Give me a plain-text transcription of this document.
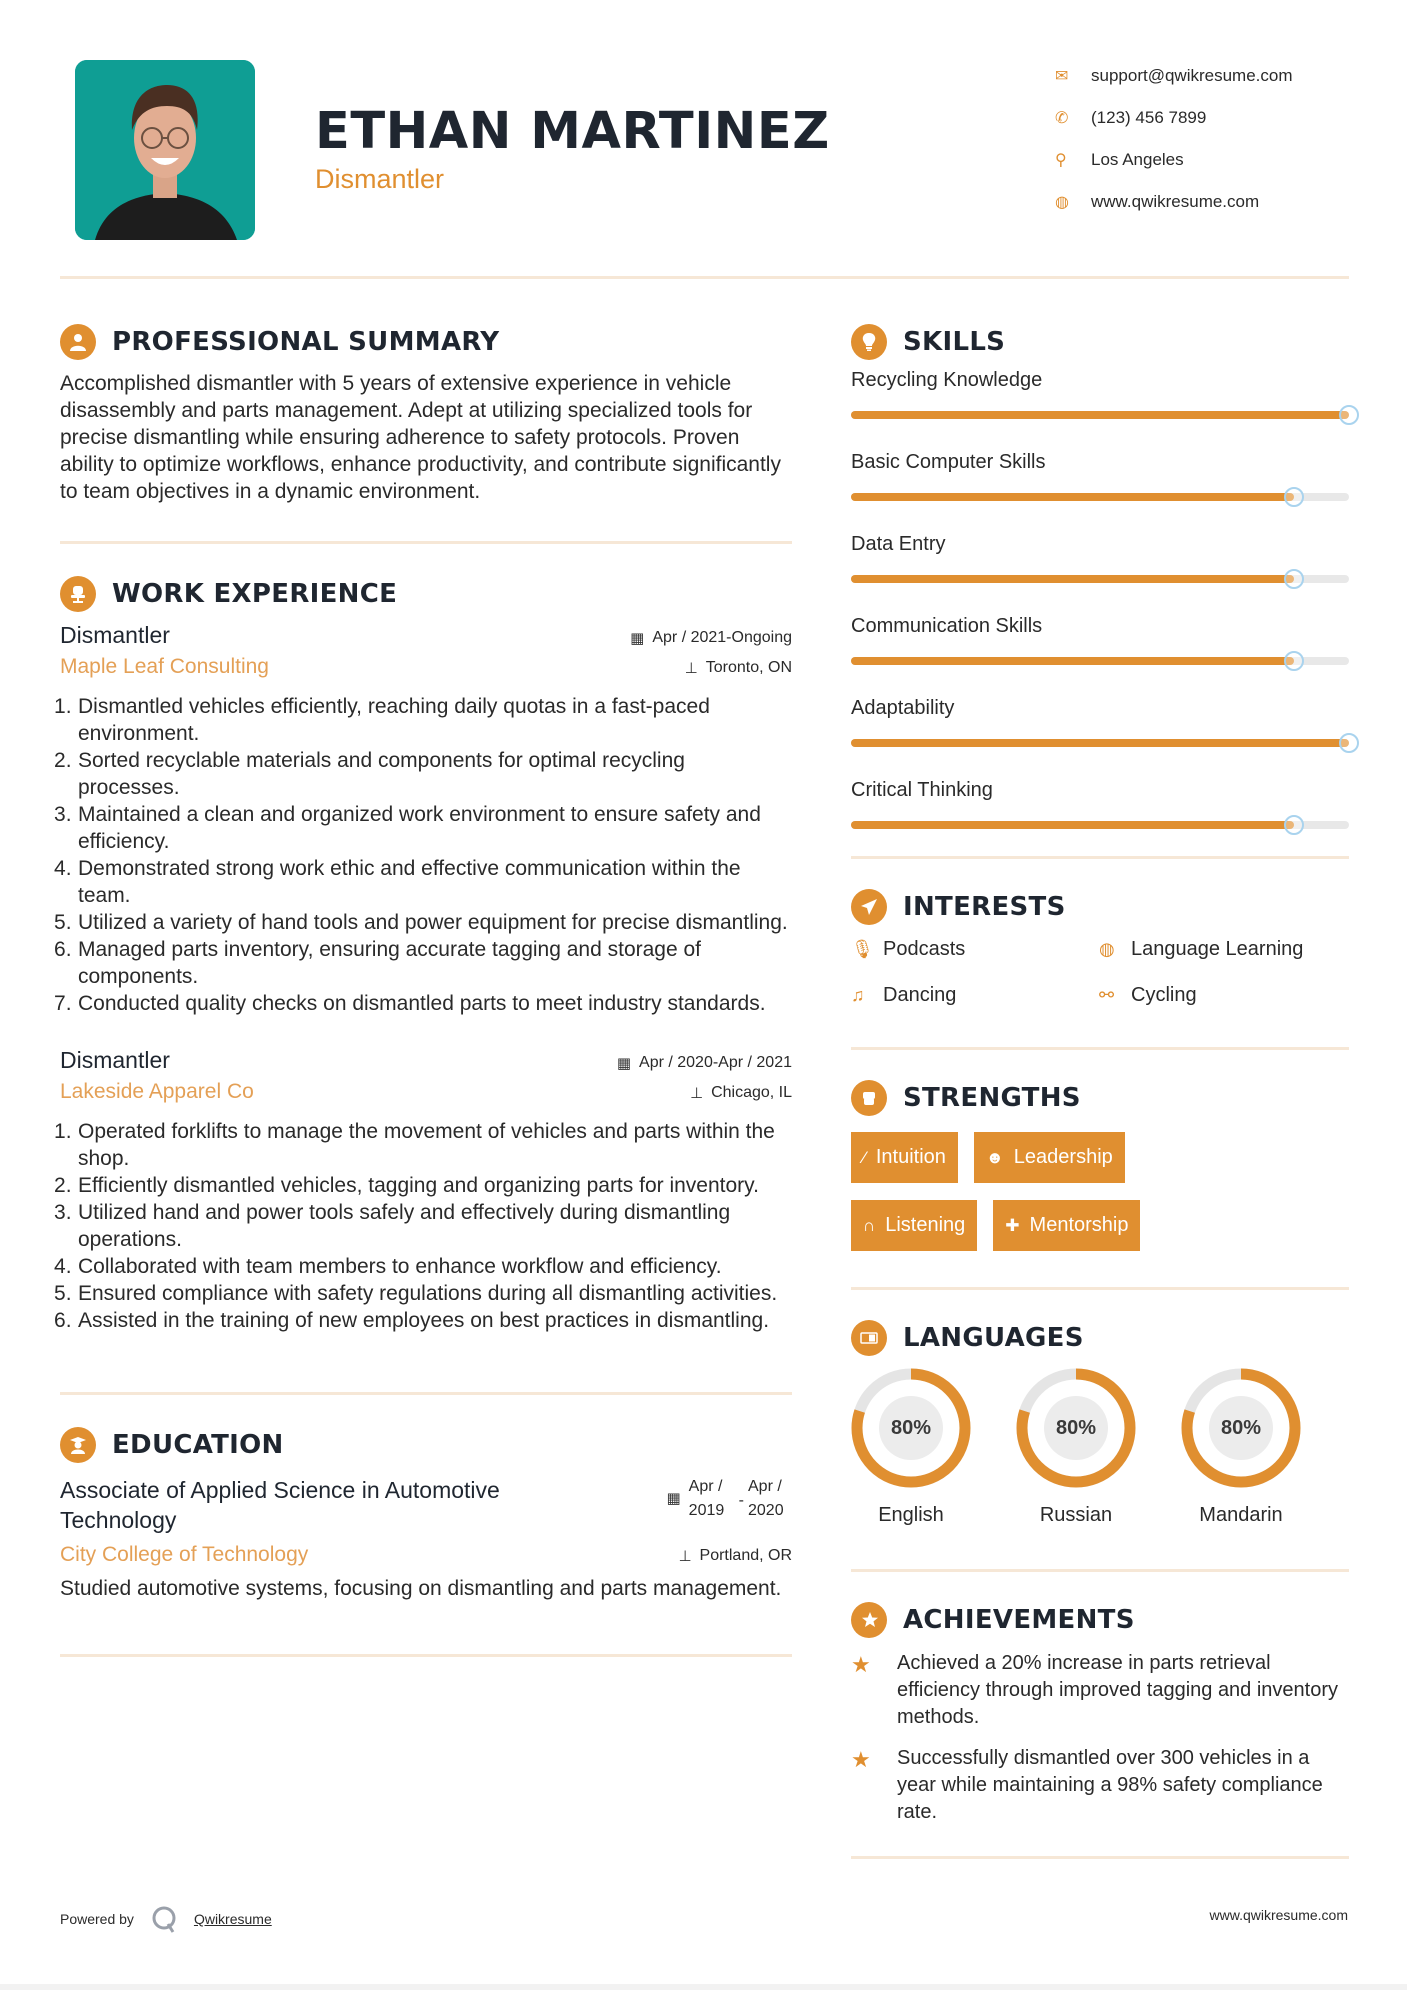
ETHAN MARTINEZ
Dismantler
✉	support@qwikresume.com
✆	(123) 456 7899
⚲	Los Angeles
◍	www.qwikresume.com
PROFESSIONAL SUMMARY

Accomplished dismantler with 5 years of extensive experience in vehicle disassembly and parts management. Adept at utilizing specialized tools for precise dismantling while ensuring adherence to safety protocols. Proven ability to optimize workflows, enhance productivity, and contribute significantly to team objectives in a dynamic environment.

WORK EXPERIENCE
Dismantler	▦ Apr / 2021-Ongoing
Maple Leaf Consulting	⊥ Toronto, ON
Dismantled vehicles efficiently, reaching daily quotas in a fast-paced environment.
Sorted recyclable materials and components for optimal recycling processes.
Maintained a clean and organized work environment to ensure safety and efficiency.
Demonstrated strong work ethic and effective communication within the team.
Utilized a variety of hand tools and power equipment for precise dismantling.
Managed parts inventory, ensuring accurate tagging and storage of components.
Conducted quality checks on dismantled parts to meet industry standards.
Dismantler	▦ Apr / 2020-Apr / 2021
Lakeside Apparel Co	⊥ Chicago, IL
Operated forklifts to manage the movement of vehicles and parts within the shop.
Efficiently dismantled vehicles, tagging and organizing parts for inventory.
Utilized hand and power tools safely and effectively during dismantling operations.
Collaborated with team members to enhance workflow and efficiency.
Ensured compliance with safety regulations during all dismantling activities.
Assisted in the training of new employees on best practices in dismantling.
EDUCATION
Associate of Applied Science in Automotive Technology
▦
Apr / 2019
-
Apr / 2020
City College of Technology	⊥ Portland, OR

Studied automotive systems, focusing on dismantling and parts management.

SKILLS
Recycling Knowledge
Basic Computer Skills
Data Entry
Communication Skills
Adaptability
Critical Thinking
INTERESTS
🎙 Podcasts	◍ Language Learning
♫ Dancing	⚯ Cycling
STRENGTHS
⁄ Intuition ☻ Leadership
∩ Listening ✚ Mentorship
LANGUAGES
80%
English
80%
Russian
80%
Mandarin
ACHIEVEMENTS
★	Achieved a 20% increase in parts retrieval efficiency through improved tagging and inventory methods.
★	Successfully dismantled over 300 vehicles in a year while maintaining a 98% safety compliance rate.
Powered by	Qwikresume	www.qwikresume.com
